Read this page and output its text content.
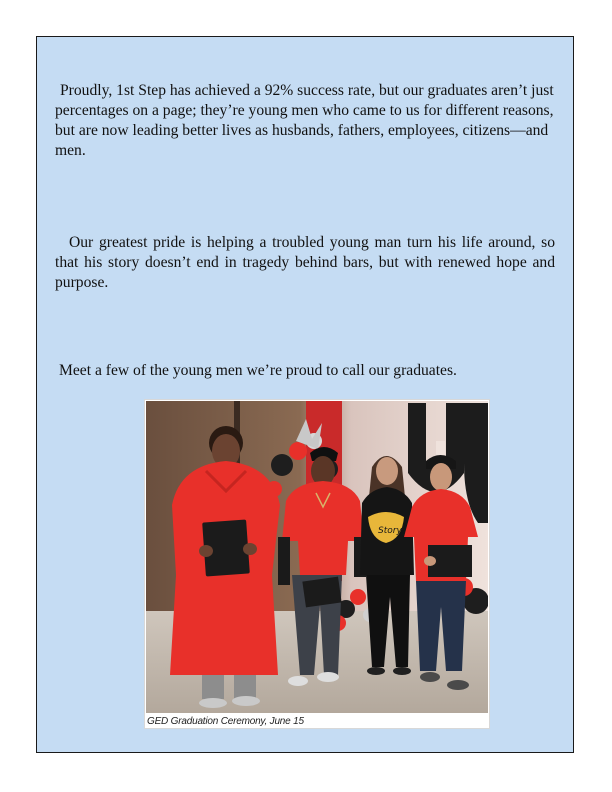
Proudly, 1st Step has achieved a 92% success rate, but our graduates aren’t just percentages on a page; they’re young men who came to us for different reasons, but are now leading better lives as husbands, fathers, employees, citizens—and men.

Our greatest pride is helping a troubled young man turn his life around, so that his story doesn’t end in tragedy behind bars, but with renewed hope and purpose.

Meet a few of the young men we’re proud to call our graduates.

Story

GED Graduation Ceremony, June 15
